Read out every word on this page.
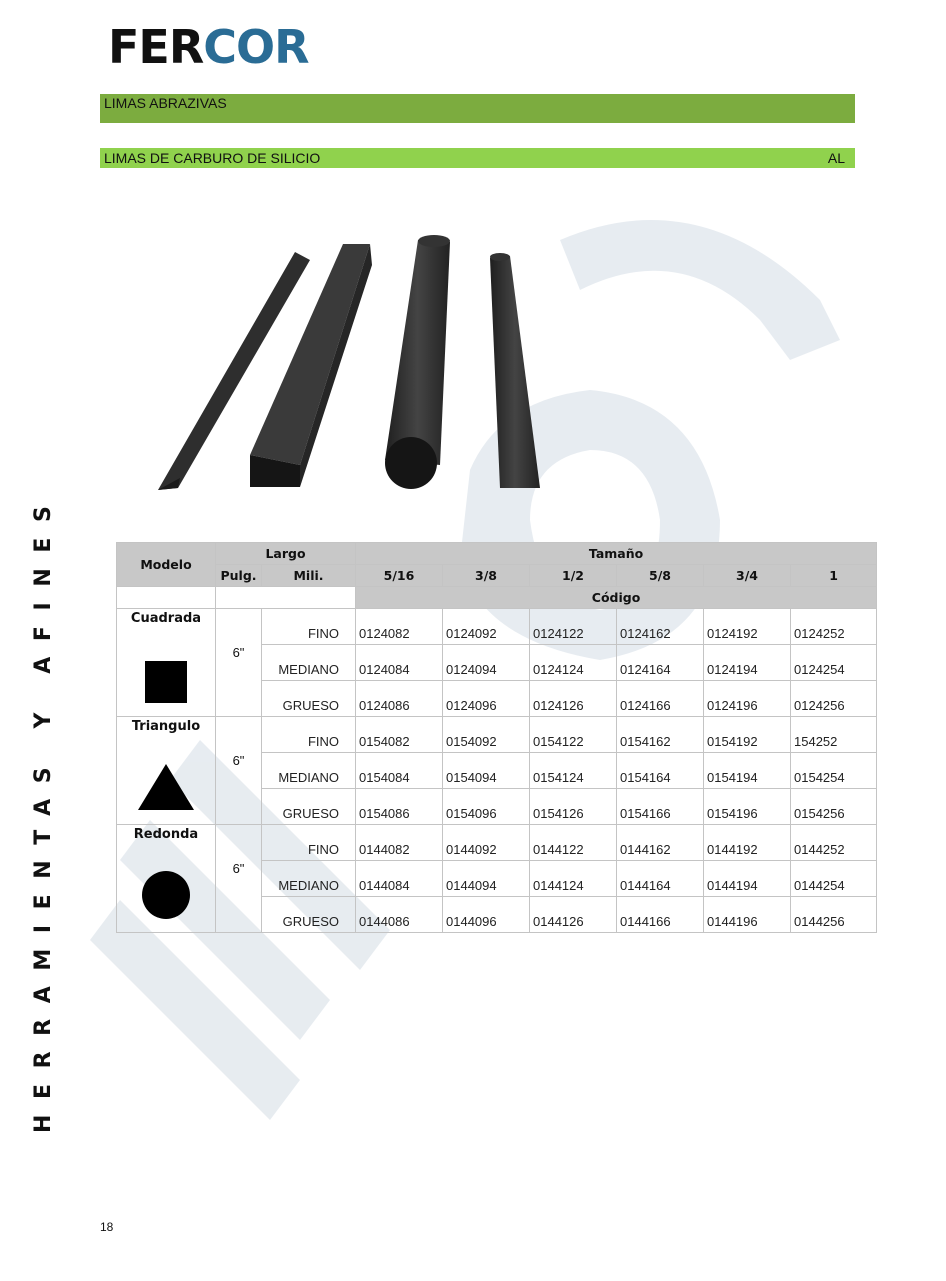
FER COR
LIMAS ABRAZIVAS
LIMAS DE CARBURO DE SILICIO	AL
HERRAMIENTAS Y AFINES	Modelo	Largo		Tamaño					
	Pulg.	Mili.	5/16	3/8	1/2	5/8	3/4	1
			Código					

Cuadrada	6"	FINO	0124082	0124092	0124122	0124162	0124192	0124252
		MEDIANO	0124084	0124094	0124124	0124164	0124194	0124254
		GRUESO	0124086	0124096	0124126	0124166	0124196	0124256

Triangulo	6"	FINO	0154082	0154092	0154122	0154162	0154192	154252
		MEDIANO	0154084	0154094	0154124	0154164	0154194	0154254
		GRUESO	0154086	0154096	0154126	0154166	0154196	0154256

Redonda	6"	FINO	0144082	0144092	0144122	0144162	0144192	0144252
		MEDIANO	0144084	0144094	0144124	0144164	0144194	0144254
		GRUESO	0144086	0144096	0144126	0144166	0144196	0144256
18
